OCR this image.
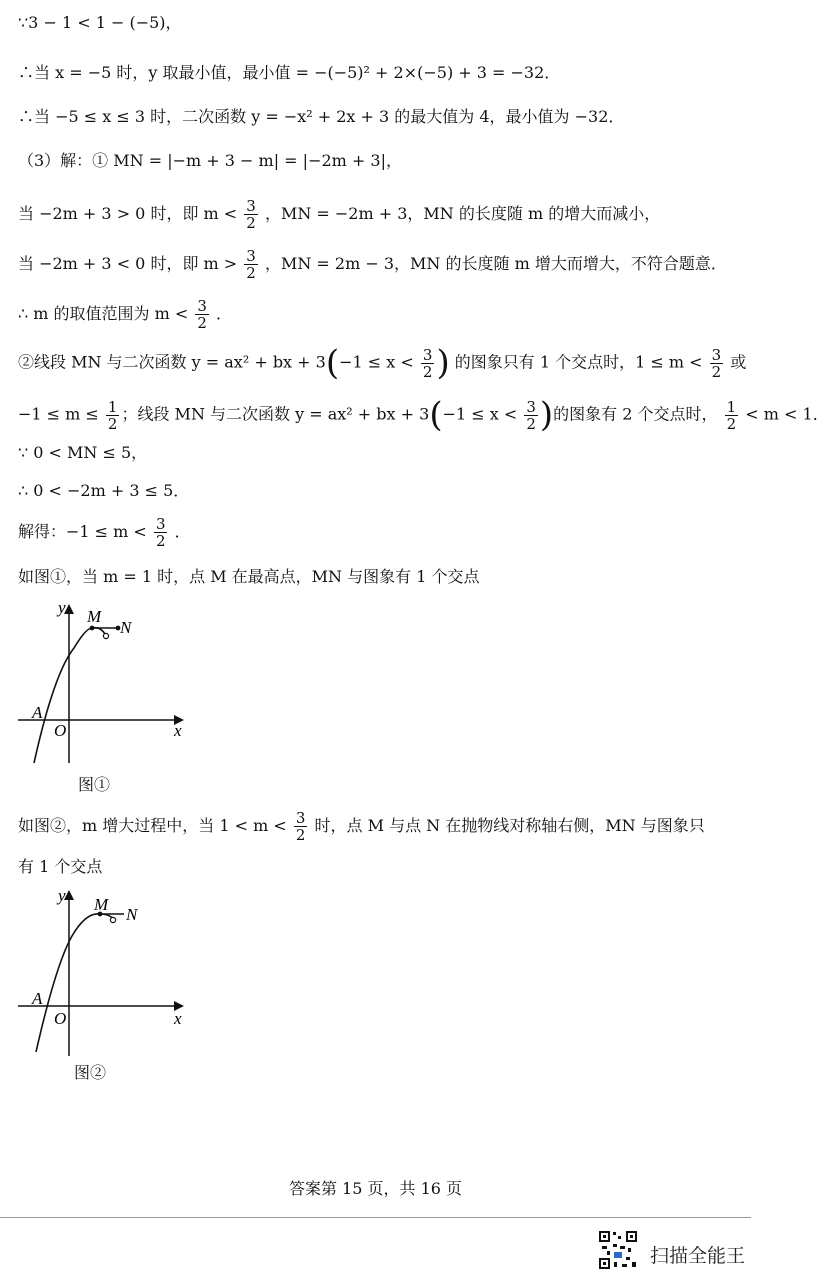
∵3 − 1 < 1 − (−5)，
∴当 x = −5 时，y 取最小值，最小值 = −(−5)² + 2×(−5) + 3 = −32．
∴当 −5 ≤ x ≤ 3 时，二次函数 y = −x² + 2x + 3 的最大值为 4，最小值为 −32．
（3）解：① MN = |−m + 3 − m| = |−2m + 3|，
当 −2m + 3 > 0 时，即 $m < \frac{3}{2}$ ，MN = −2m + 3，MN 的长度随 m 的增大而减小，
当 −2m + 3 < 0 时，即 $m > \frac{3}{2}$ ，MN = 2m − 3，MN 的长度随 m 增大而增大，不符合题意．
∴ m 的取值范围为 $m < \frac{3}{2}$ ．
②线段 MN 与二次函数 y = ax² + bx + $3(-1 \le x < \frac{3}{2}$ ) 的图象只有 1 个交点时，$1 \le m < \frac{3}{2}$ 或
$-1 \le m \le \frac{1}{2}$ ；线段 MN 与二次函数 y = ax² + bx + $3(-1 \le x < \frac{3}{2}$ )的图象有 2 个交点时， $\frac{1}{2} < m < 1$．
∵ 0 < MN ≤ 5，
∴ 0 < −2m + 3 ≤ 5．
解得：$-1 \le m < \frac{3}{2}$ ．
如图①，当 m = 1 时，点 M 在最高点，MN 与图象有 1 个交点
y
x
O
A
M
N
图①
如图②，m 增大过程中，当 $1 < m < \frac{3}{2}$ 时，点 M 与点 N 在抛物线对称轴右侧，MN 与图象只
有 1 个交点
y
x
O
A
M
N
图②
答案第 15 页，共 16 页
扫描全能王
